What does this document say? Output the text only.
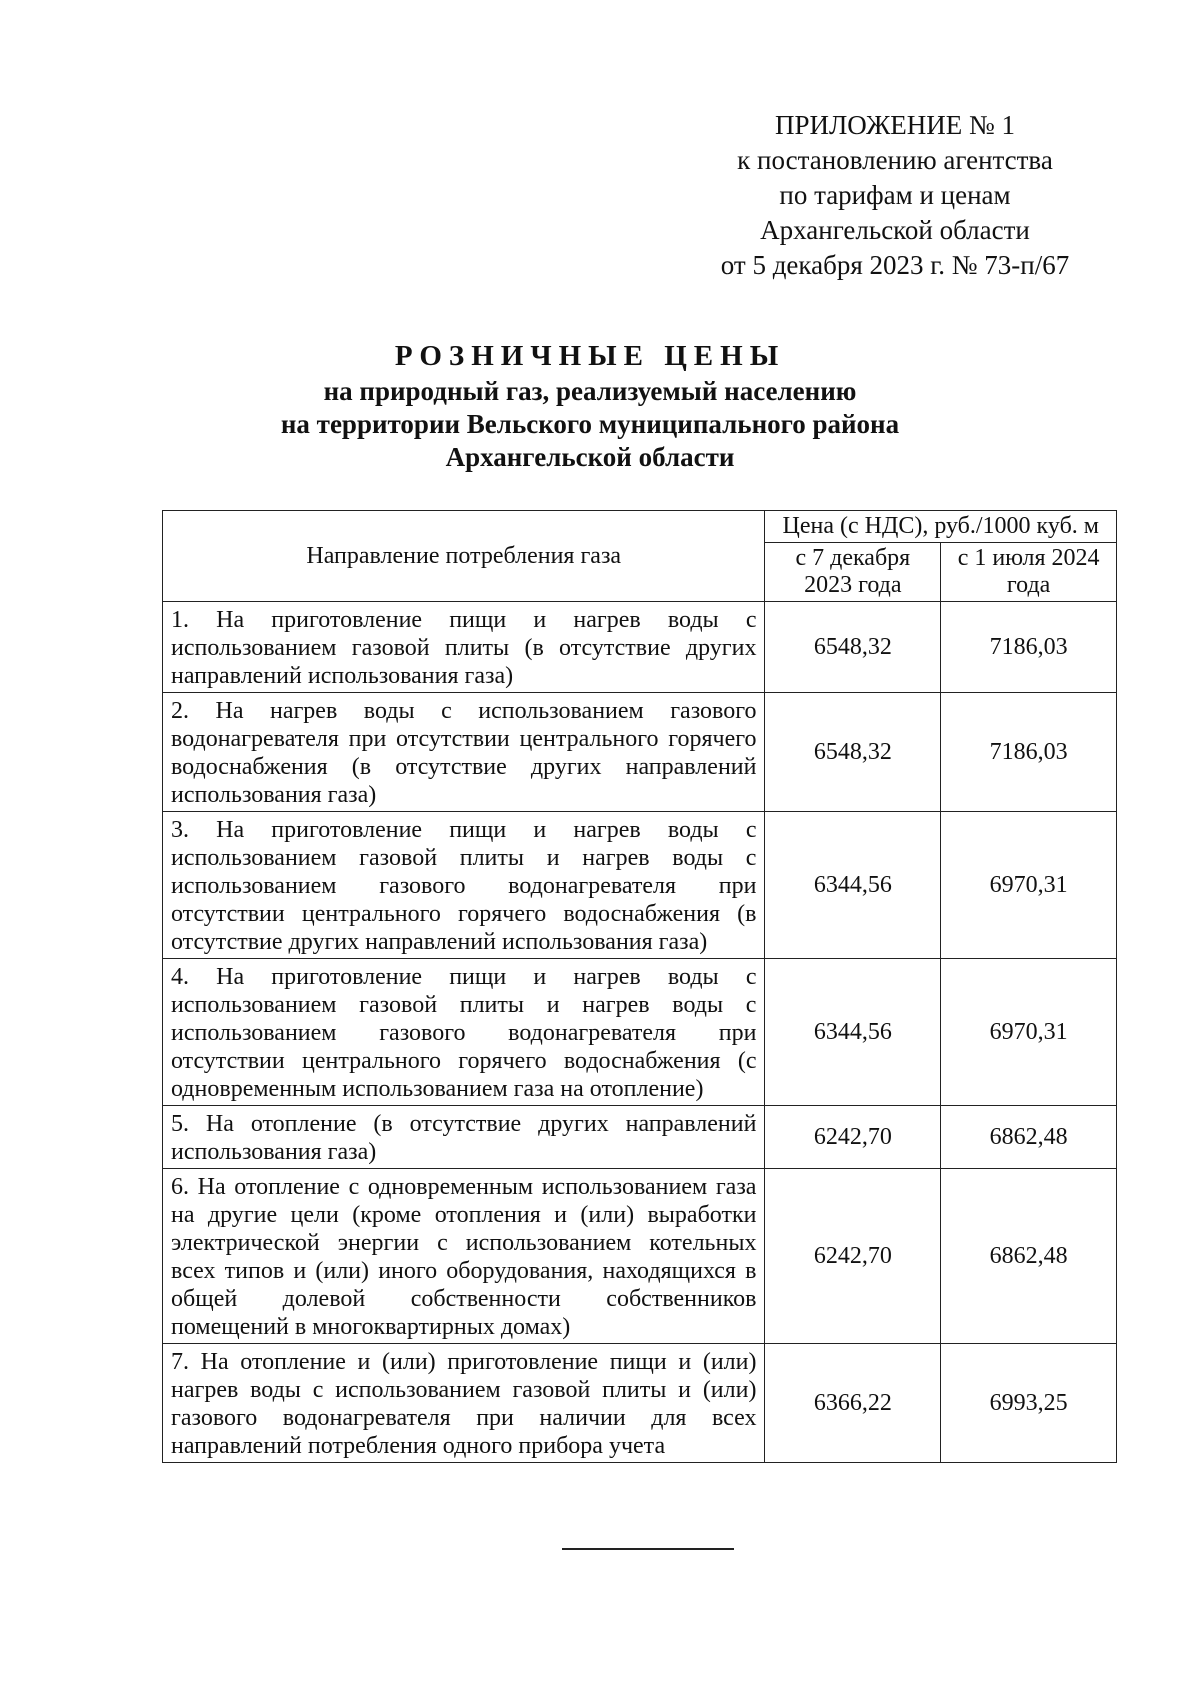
ПРИЛОЖЕНИЕ № 1
к постановлению агентства
по тарифам и ценам
Архангельской области
от 5 декабря 2023 г. № 73-п/67
РОЗНИЧНЫЕ ЦЕНЫ
на природный газ, реализуемый населению
на территории Вельского муниципального района
Архангельской области
Направление потребления газа	Цена (с НДС), руб./1000 куб. м	
	с 7 декабря 2023 года	с 1 июля 2024 года
1. На приготовление пищи и нагрев воды с использованием газовой плиты (в отсутствие других направлений использования газа)	6548,32	7186,03
2. На нагрев воды с использованием газового водонагревателя при отсутствии центрального горячего водоснабжения (в отсутствие других направлений использования газа)	6548,32	7186,03
3. На приготовление пищи и нагрев воды с использованием газовой плиты и нагрев воды с использованием газового водонагревателя при отсутствии центрального горячего водоснабжения (в отсутствие других направлений использования газа)	6344,56	6970,31
4. На приготовление пищи и нагрев воды с использованием газовой плиты и нагрев воды с использованием газового водонагревателя при отсутствии центрального горячего водоснабжения (с одновременным использованием газа на отопление)	6344,56	6970,31
5. На отопление (в отсутствие других направлений использования газа)	6242,70	6862,48
6. На отопление с одновременным использованием газа на другие цели (кроме отопления и (или) выработки электрической энергии с использованием котельных всех типов и (или) иного оборудования, находящихся в общей долевой собственности собственников помещений в многоквартирных домах)	6242,70	6862,48
7. На отопление и (или) приготовление пищи и (или) нагрев воды с использованием газовой плиты и (или) газового водонагревателя при наличии для всех направлений потребления одного прибора учета	6366,22	6993,25
